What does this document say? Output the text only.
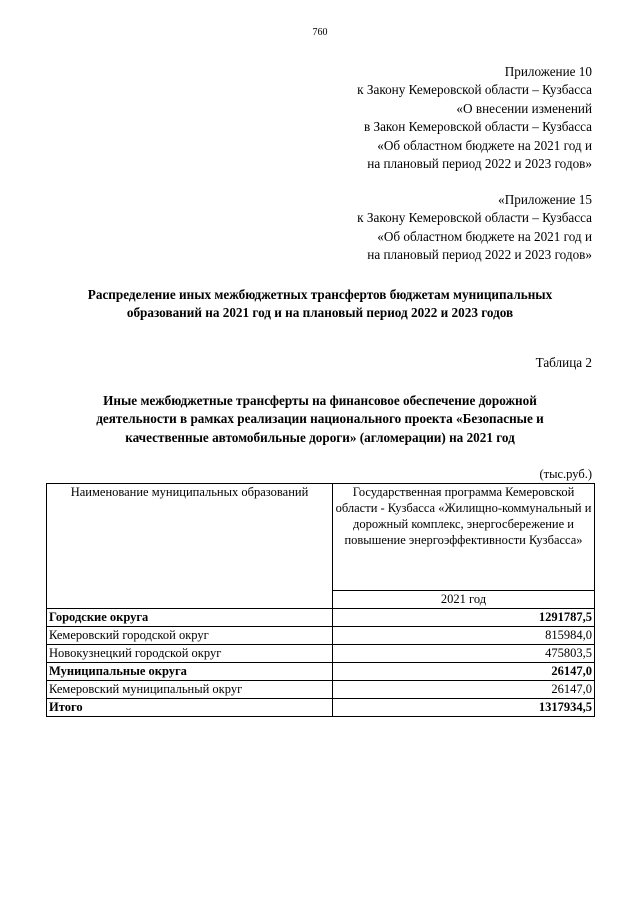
760
Приложение 10
к Закону Кемеровской области – Кузбасса
«О внесении изменений
в Закон Кемеровской области – Кузбасса
«Об областном бюджете на 2021 год и
на плановый период 2022 и 2023 годов»
«Приложение 15
к Закону Кемеровской области – Кузбасса
«Об областном бюджете на 2021 год и
на плановый период 2022 и 2023 годов»
Распределение иных межбюджетных трансфертов бюджетам муниципальных
образований на 2021 год и на плановый период 2022 и 2023 годов
Таблица 2
Иные межбюджетные трансферты на финансовое обеспечение дорожной
деятельности в рамках реализации национального проекта «Безопасные и
качественные автомобильные дороги» (агломерации) на 2021 год
(тыс.руб.)
Наименование муниципальных образований	Государственная программа Кемеровской области - Кузбасса «Жилищно-коммунальный и дорожный комплекс, энергосбережение и повышение энергоэффективности Кузбасса»
	2021 год
Городские округа	1291787,5
Кемеровский городской округ	815984,0
Новокузнецкий городской округ	475803,5
Муниципальные округа	26147,0
Кемеровский муниципальный округ	26147,0
Итого	1317934,5
